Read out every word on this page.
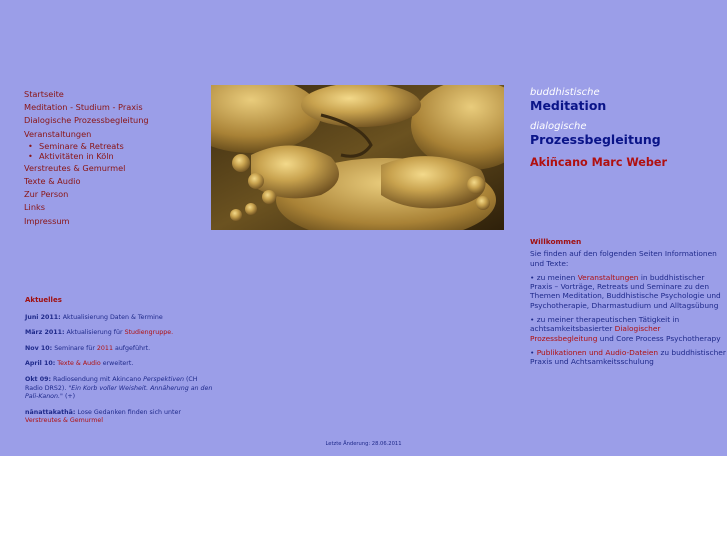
Startseite
Meditation - Studium - Praxis
Dialogische Prozessbegleitung
Veranstaltungen
• Seminare & Retreats
• Aktivitäten in Köln
Verstreutes & Gemurmel
Texte & Audio
Zur Person
Links
Impressum
buddhistische
Meditation
dialogische
Prozessbegleitung
Akiñcano Marc Weber
Willkommen

Sie finden auf den folgenden Seiten Informationen und Texte:

• zu meinen Veranstaltungen in buddhistischer Praxis – Vorträge, Retreats und Seminare zu den Themen Meditation, Buddhistische Psychologie und Psychotherapie, Dharmastudium und Alltagsübung

• zu meiner therapeutischen Tätigkeit in achtsamkeitsbasierter Dialogischer Prozessbegleitung und Core Process Psychotherapy

• Publikationen und Audio-Dateien zu buddhistischer Praxis und Achtsamkeitsschulung

Aktuelles

Juni 2011: Aktualisierung Daten & Termine

März 2011: Aktualisierung für Studiengruppe.

Nov 10: Seminare für 2011 aufgeführt.

April 10: Texte & Audio erweitert.

Okt 09: Radiosendung mit Akincano Perspektiven (CH Radio DRS2). "Ein Korb voller Weisheit. Annäherung an den Pali-Kanon." (+)

nānattakathā: Lose Gedanken finden sich unter Verstreutes & Gemurmel

Letzte Änderung: 28.06.2011
